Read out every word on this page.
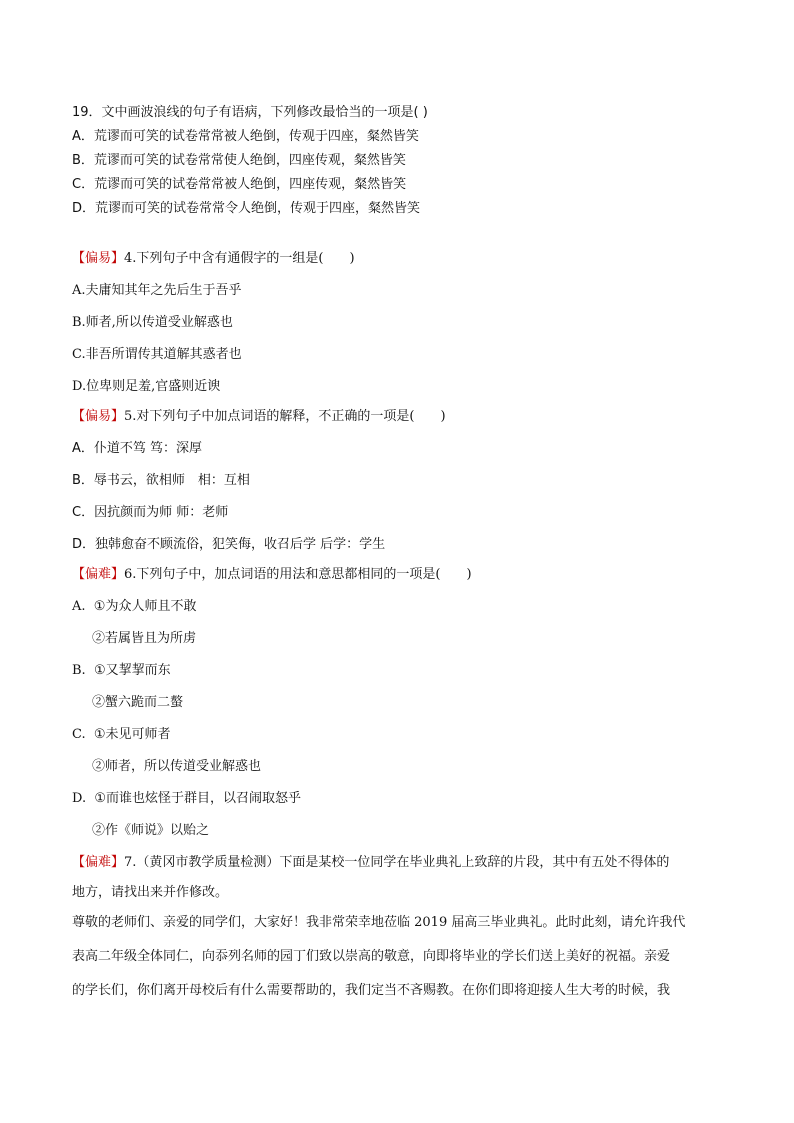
19．文中画波浪线的句子有语病，下列修改最恰当的一项是( )
A．荒谬而可笑的试卷常常被人绝倒，传观于四座，粲然皆笑
B．荒谬而可笑的试卷常常使人绝倒，四座传观，粲然皆笑
C．荒谬而可笑的试卷常常被人绝倒，四座传观，粲然皆笑
D．荒谬而可笑的试卷常常令人绝倒，传观于四座，粲然皆笑
【偏易】4.下列句子中含有通假字的一组是(　　)
A.夫庸知其年之先后生于吾乎
B.师者,所以传道受业解惑也
C.非吾所谓传其道解其惑者也
D.位卑则足羞,官盛则近谀
【偏易】5.对下列句子中加点词语的解释，不正确的一项是(　　)
A．仆道不笃 笃：深厚
B．辱书云，欲相师　相：互相
C．因抗颜而为师 师：老师
D．独韩愈奋不顾流俗，犯笑侮，收召后学 后学：学生
【偏难】6.下列句子中，加点词语的用法和意思都相同的一项是(　　)
A. ①为众人师且不敢
②若属皆且为所虏
B. ①又挈挈而东
②蟹六跪而二螯
C. ①未见可师者
②师者，所以传道受业解惑也
D. ①而谁也炫怪于群目，以召闹取怒乎
②作《师说》以贻之
【偏难】7.（黄冈市教学质量检测）下面是某校一位同学在毕业典礼上致辞的片段，其中有五处不得体的
地方，请找出来并作修改。
尊敬的老师们、亲爱的同学们，大家好！我非常荣幸地莅临 2019 届高三毕业典礼。此时此刻，请允许我代
表高二年级全体同仁，向忝列名师的园丁们致以崇高的敬意，向即将毕业的学长们送上美好的祝福。亲爱
的学长们，你们离开母校后有什么需要帮助的，我们定当不吝赐教。在你们即将迎接人生大考的时候，我
